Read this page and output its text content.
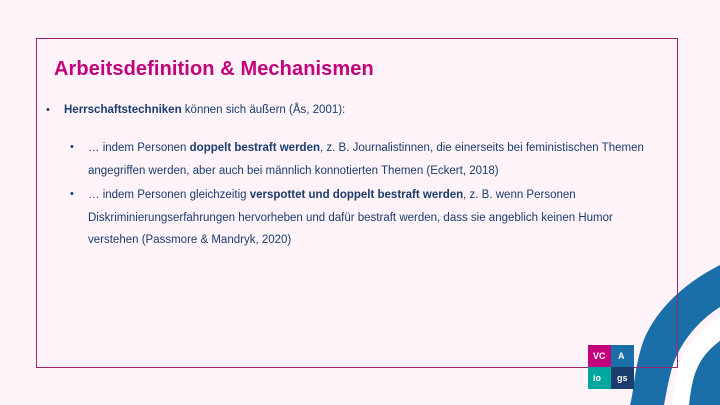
Arbeitsdefinition & Mechanismen
•	Herrschaftstechniken können sich äußern (Ås, 2001):
•	… indem Personen doppelt bestraft werden, z. B. Journalistinnen, die einerseits bei feministischen Themen angegriffen werden, aber auch bei männlich konnotierten Themen (Eckert, 2018)
•	… indem Personen gleichzeitig verspottet und doppelt bestraft werden, z. B. wenn Personen Diskriminierungserfahrungen hervorheben und dafür bestraft werden, dass sie angeblich keinen Humor verstehen (Passmore & Mandryk, 2020)
VC A
io gs
